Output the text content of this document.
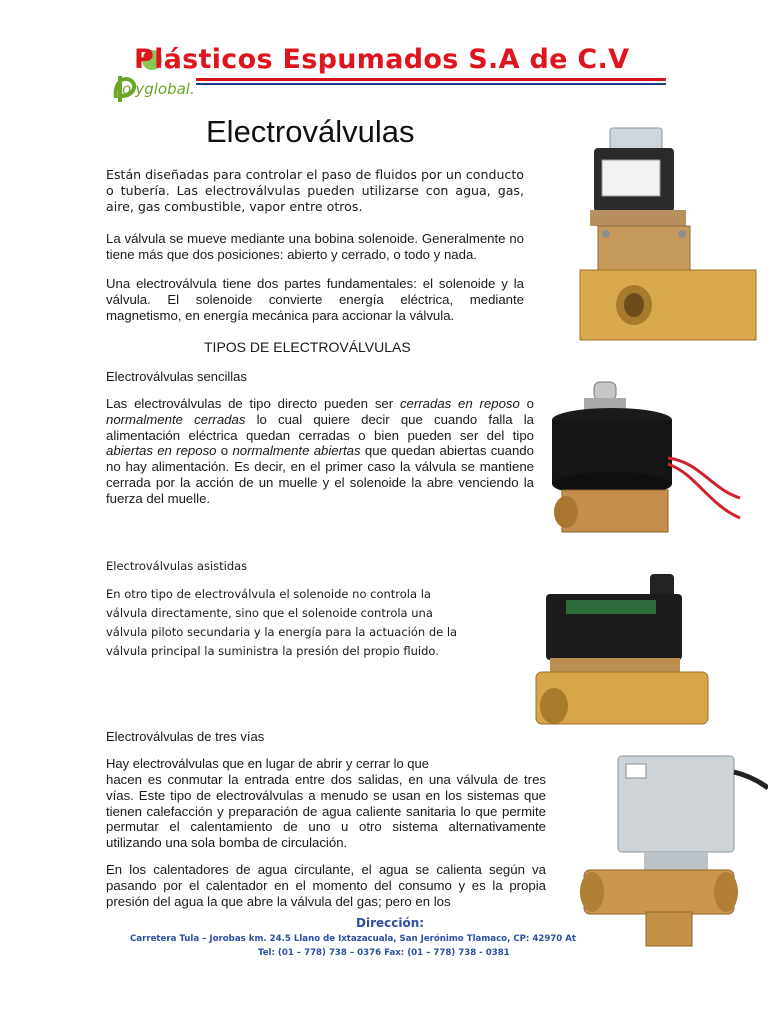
Plásticos Espumados S.A de C.V
olyglobal.
Electroválvulas

Están diseñadas para controlar el paso de fluidos por un conducto o tubería. Las electroválvulas pueden utilizarse con agua, gas, aire, gas combustible, vapor entre otros.

La válvula se mueve mediante una bobina solenoide. Generalmente no tiene más que dos posiciones: abierto y cerrado, o todo y nada.

Una electroválvula tiene dos partes fundamentales: el solenoide y la válvula. El solenoide convierte energía eléctrica, mediante magnetismo, en energía mecánica para accionar la válvula.

TIPOS DE ELECTROVÁLVULAS
Electroválvulas sencillas

Las electroválvulas de tipo directo pueden ser cerradas en reposo o normalmente cerradas lo cual quiere decir que cuando falla la alimentación eléctrica quedan cerradas o bien pueden ser del tipo abiertas en reposo o normalmente abiertas que quedan abiertas cuando no hay alimentación. Es decir, en el primer caso la válvula se mantiene cerrada por la acción de un muelle y el solenoide la abre venciendo la fuerza del muelle.

Electroválvulas asistidas

En otro tipo de electroválvula el solenoide no controla la válvula directamente, sino que el solenoide controla una válvula piloto secundaria y la energía para la actuación de la válvula principal la suministra la presión del propio fluido.

Electroválvulas de tres vías
Hay electroválvulas que en lugar de abrir y cerrar lo que

hacen es conmutar la entrada entre dos salidas, en una válvula de tres vías. Este tipo de electroválvulas a menudo se usan en los sistemas que tienen calefacción y preparación de agua caliente sanitaria lo que permite permutar el calentamiento de uno u otro sistema alternativamente utilizando una sola bomba de circulación.

En los calentadores de agua circulante, el agua se calienta según va pasando por el calentador en el momento del consumo y es la propia presión del agua la que abre la válvula del gas; pero en los

Dirección:
Carretera Tula – Jorobas km. 24.5 Llano de Ixtazacuala, San Jerónimo Tlamaco, CP: 42970 At
Tel: (01 – 778) 738 – 0376 Fax: (01 – 778) 738 - 0381
